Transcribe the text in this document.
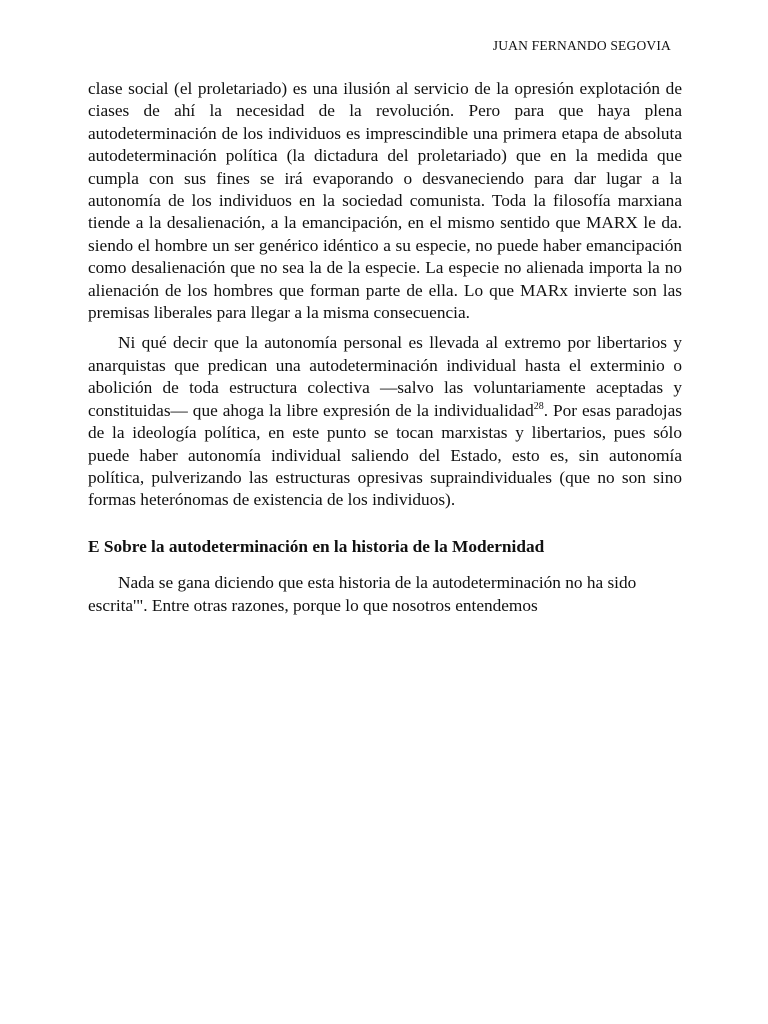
JUAN FERNANDO SEGOVIA

clase social (el proletariado) es una ilusión al servicio de la opresión explotación de ciases de ahí la necesidad de la revolución. Pero para que haya plena autodeterminación de los individuos es imprescindible una primera etapa de absoluta autodeterminación política (la dictadura del proletariado) que en la medida que cumpla con sus fines se irá evaporando o desvaneciendo para dar lugar a la autonomía de los individuos en la sociedad comunista. Toda la filosofía marxiana tiende a la desalienación, a la emancipación, en el mismo sentido que MARX le da. siendo el hombre un ser genérico idéntico a su especie, no puede haber emancipación como desalienación que no sea la de la especie. La especie no alienada importa la no alienación de los hombres que forman parte de ella. Lo que MARx invierte son las premisas liberales para llegar a la misma consecuencia.

Ni qué decir que la autonomía personal es llevada al extremo por libertarios y anarquistas que predican una autodeterminación individual hasta el exterminio o abolición de toda estructura colectiva —salvo las voluntariamente aceptadas y constituidas— que ahoga la libre expresión de la individualidad$^{28}$. Por esas paradojas de la ideología política, en este punto se tocan marxistas y libertarios, pues sólo puede haber autonomía individual saliendo del Estado, esto es, sin autonomía política, pulverizando las estructuras opresivas supraindividuales (que no son sino formas heterónomas de existencia de los individuos).

E Sobre la autodeterminación en la historia de la Modernidad

Nada se gana diciendo que esta historia de la autodeterminación no ha sido escrita'". Entre otras razones, porque lo que nosotros entendemos
